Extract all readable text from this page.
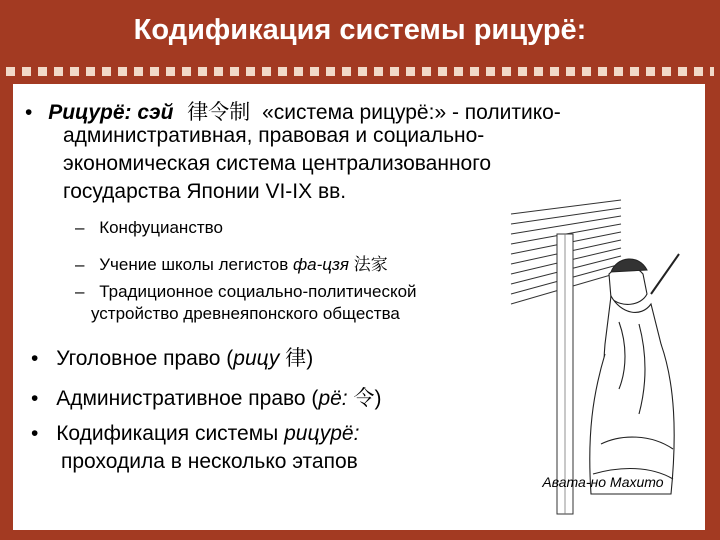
Кодификация системы рицурё:
• Рицурё: сэй 律令制 «система рицурё:» - политико-
административная, правовая и социально-
экономическая система централизованного
государства Японии VI-IX вв.
– Конфуцианство
– Учение школы легистов фа-цзя 法家
– Традиционное социально-политической
устройство древнеяпонского общества
• Уголовное право (рицу 律)
• Административное право (рё: 令)
• Кодификация системы рицурё:
проходила в несколько этапов
Авата-но Махито
